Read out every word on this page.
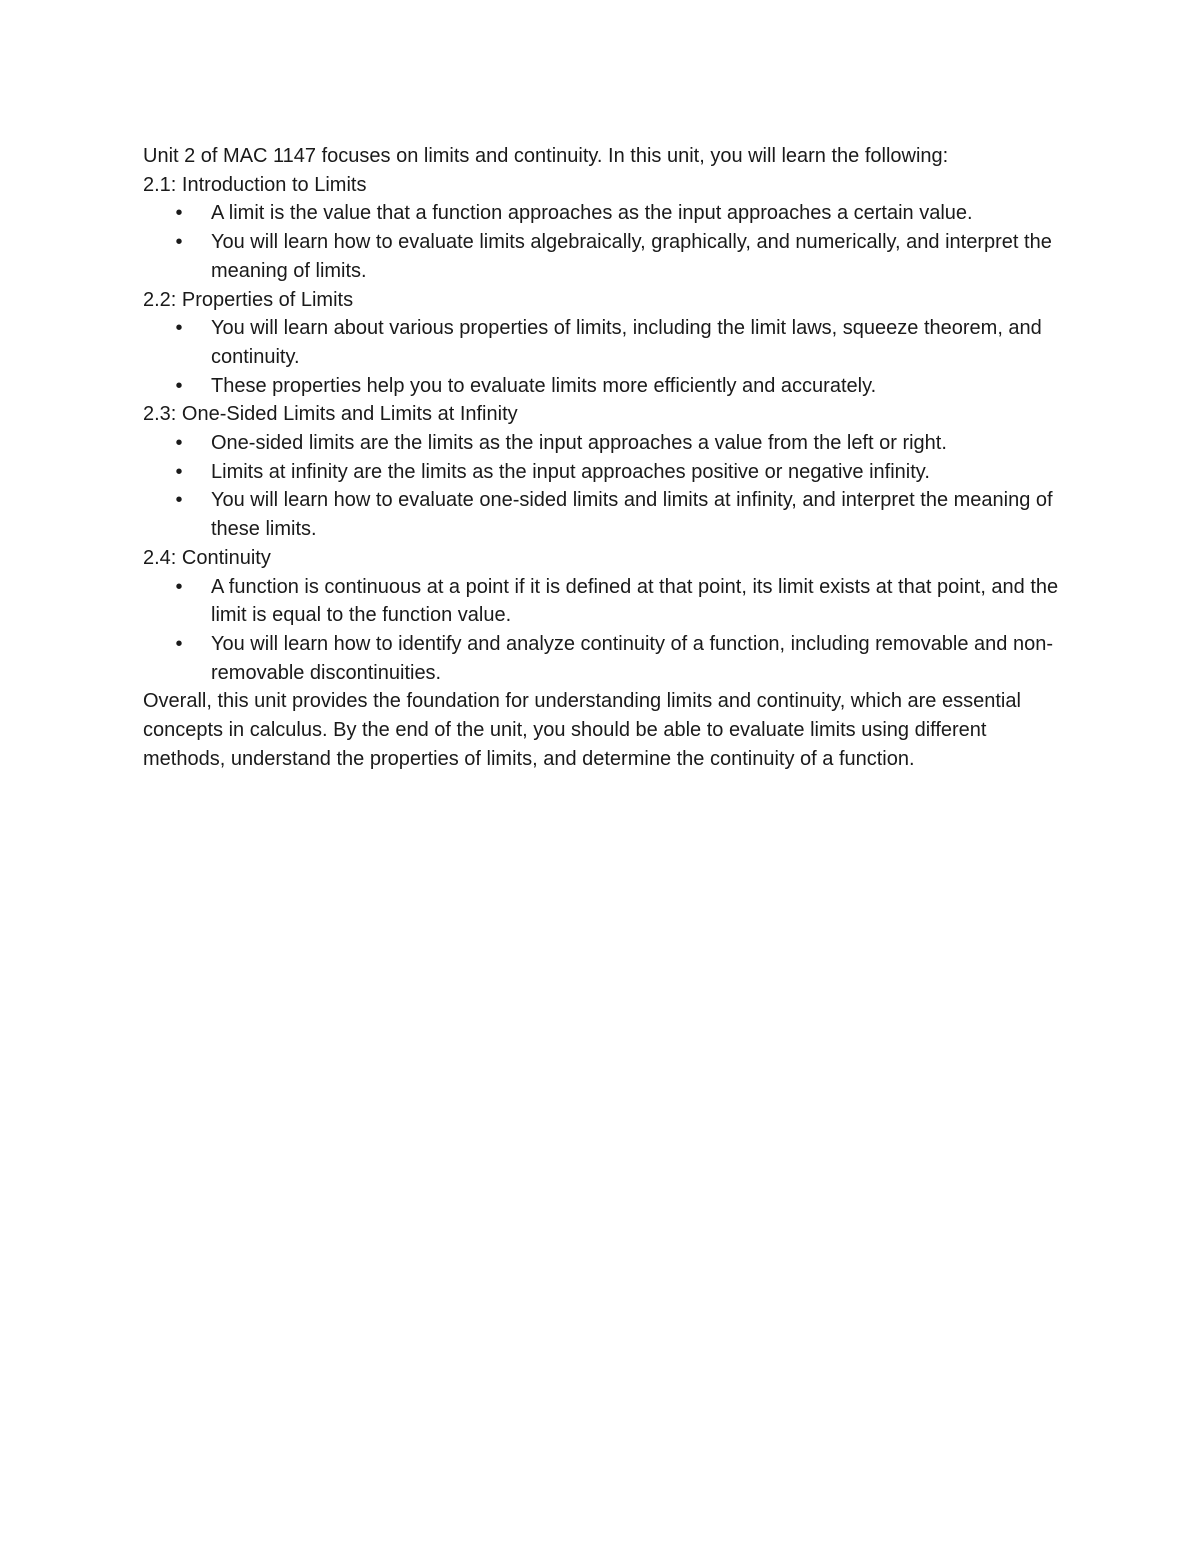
Unit 2 of MAC 1147 focuses on limits and continuity. In this unit, you will learn the following:

2.1: Introduction to Limits

• A limit is the value that a function approaches as the input approaches a certain value.
• You will learn how to evaluate limits algebraically, graphically, and numerically, and interpret the meaning of limits.

2.2: Properties of Limits

• You will learn about various properties of limits, including the limit laws, squeeze theorem, and continuity.
• These properties help you to evaluate limits more efficiently and accurately.

2.3: One-Sided Limits and Limits at Infinity

• One-sided limits are the limits as the input approaches a value from the left or right.
• Limits at infinity are the limits as the input approaches positive or negative infinity.
• You will learn how to evaluate one-sided limits and limits at infinity, and interpret the meaning of these limits.

2.4: Continuity

• A function is continuous at a point if it is defined at that point, its limit exists at that point, and the limit is equal to the function value.
• You will learn how to identify and analyze continuity of a function, including removable and non-removable discontinuities.

Overall, this unit provides the foundation for understanding limits and continuity, which are essential concepts in calculus. By the end of the unit, you should be able to evaluate limits using different methods, understand the properties of limits, and determine the continuity of a function.
